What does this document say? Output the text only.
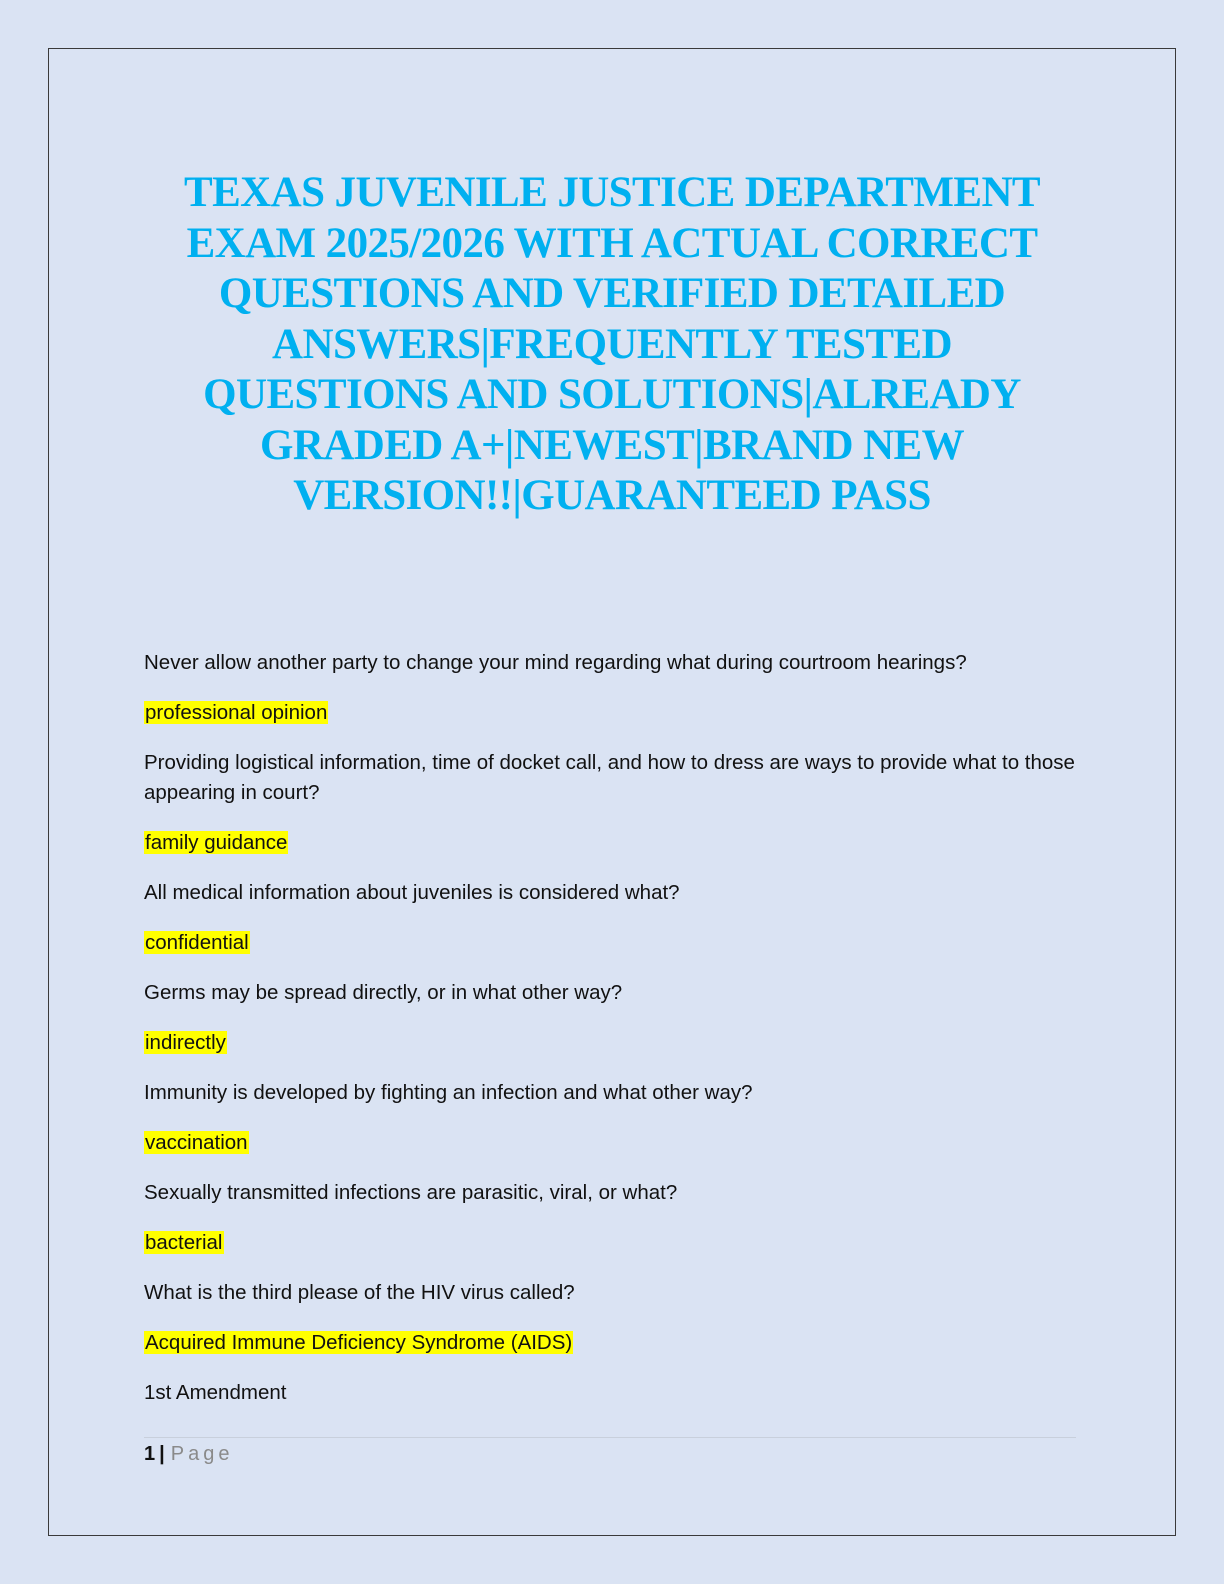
TEXAS JUVENILE JUSTICE DEPARTMENT EXAM 2025/2026 WITH ACTUAL CORRECT QUESTIONS AND VERIFIED DETAILED ANSWERS|FREQUENTLY TESTED QUESTIONS AND SOLUTIONS|ALREADY GRADED A+|NEWEST|BRAND NEW VERSION!!|GUARANTEED PASS

Never allow another party to change your mind regarding what during courtroom hearings?

professional opinion

Providing logistical information, time of docket call, and how to dress are ways to provide what to those appearing in court?

family guidance

All medical information about juveniles is considered what?

confidential

Germs may be spread directly, or in what other way?

indirectly

Immunity is developed by fighting an infection and what other way?

vaccination

Sexually transmitted infections are parasitic, viral, or what?

bacterial

What is the third please of the HIV virus called?

Acquired Immune Deficiency Syndrome (AIDS)

1st Amendment

1 | Page
